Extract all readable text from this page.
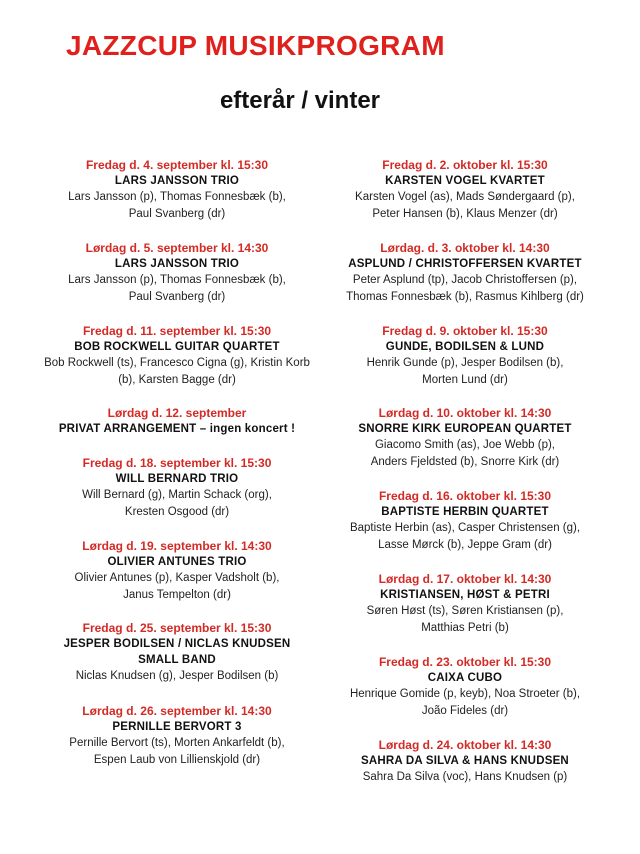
JAZZCUP MUSIKPROGRAM
efterår / vinter
Fredag d. 4. september kl. 15:30
LARS JANSSON TRIO
Lars Jansson (p), Thomas Fonnesbæk (b),
Paul Svanberg (dr)
Lørdag d. 5. september kl. 14:30
LARS JANSSON TRIO
Lars Jansson (p), Thomas Fonnesbæk (b),
Paul Svanberg (dr)
Fredag d. 11. september kl. 15:30
BOB ROCKWELL GUITAR QUARTET
Bob Rockwell (ts), Francesco Cigna (g), Kristin Korb
(b), Karsten Bagge (dr)
Lørdag d. 12. september
PRIVAT ARRANGEMENT – ingen koncert !
Fredag d. 18. september kl. 15:30
WILL BERNARD TRIO
Will Bernard (g), Martin Schack (org),
Kresten Osgood (dr)
Lørdag d. 19. september kl. 14:30
OLIVIER ANTUNES TRIO
Olivier Antunes (p), Kasper Vadsholt (b),
Janus Tempelton (dr)
Fredag d. 25. september kl. 15:30
JESPER BODILSEN / NICLAS KNUDSEN
SMALL BAND
Niclas Knudsen (g), Jesper Bodilsen (b)
Lørdag d. 26. september kl. 14:30
PERNILLE BERVORT 3
Pernille Bervort (ts), Morten Ankarfeldt (b),
Espen Laub von Lillienskjold (dr)
Fredag d. 2. oktober kl. 15:30
KARSTEN VOGEL KVARTET
Karsten Vogel (as), Mads Søndergaard (p),
Peter Hansen (b), Klaus Menzer (dr)
Lørdag. d. 3. oktober kl. 14:30
ASPLUND / CHRISTOFFERSEN KVARTET
Peter Asplund (tp), Jacob Christoffersen (p),
Thomas Fonnesbæk (b), Rasmus Kihlberg (dr)
Fredag d. 9. oktober kl. 15:30
GUNDE, BODILSEN & LUND
Henrik Gunde (p), Jesper Bodilsen (b),
Morten Lund (dr)
Lørdag d. 10. oktober kl. 14:30
SNORRE KIRK EUROPEAN QUARTET
Giacomo Smith (as), Joe Webb (p),
Anders Fjeldsted (b), Snorre Kirk (dr)
Fredag d. 16. oktober kl. 15:30
BAPTISTE HERBIN QUARTET
Baptiste Herbin (as), Casper Christensen (g),
Lasse Mørck (b), Jeppe Gram (dr)
Lørdag d. 17. oktober kl. 14:30
KRISTIANSEN, HØST & PETRI
Søren Høst (ts), Søren Kristiansen (p),
Matthias Petri (b)
Fredag d. 23. oktober kl. 15:30
CAIXA CUBO
Henrique Gomide (p, keyb), Noa Stroeter (b),
João Fideles (dr)
Lørdag d. 24. oktober kl. 14:30
SAHRA DA SILVA & HANS KNUDSEN
Sahra Da Silva (voc), Hans Knudsen (p)
